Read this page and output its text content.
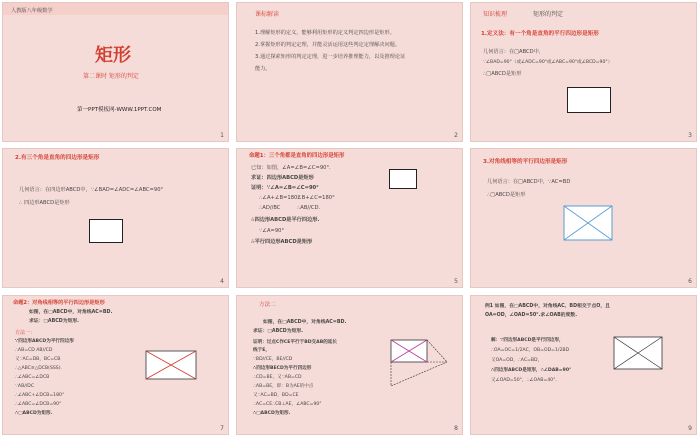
人教版八年级数学
矩形
第二课时 矩形的判定
第一PPT模板网-WWW.1PPT.COM
1
课标解读
1.理解矩形的定义，能够利用矩形的定义判定四边形是矩形。
2.掌握矩形的判定定理，并能灵活运用这些判定定理解决问题。
3.通过探索矩形的判定定理，进一步培养推理能力，以及推理论证
能力。
2
知识梳理	矩形的判定
1.定义法：有一个角是直角的平行四边形是矩形
几何语言：在□ABCD中，
∵∠BAD=90°（或∠ADC=90°或∠ABC=90°或∠BCD=90°）
∴□ABCD是矩形
3
2.有三个角是直角的四边形是矩形
几何语言：在四边形ABCD中，∵∠BAD=∠ADC=∠ABC=90°
∴ 四边形ABCD是矩形
4
命题1：三个角都是直角的四边形是矩形
已知：如图，∠A=∠B=∠C=90°.
求证：四边形ABCD是矩形
证明：∵∠A=∠B=∠C=90°
∴∠A+∠B=180°
∴AD//BC
∠B+∠C=180°
∴AB//CD.
∴四边形ABCD是平行四边形.
∵∠A=90°
∴平行四边形ABCD是矩形
5
3.对角线相等的平行四边形是矩形
几何语言：在□ABCD中，∵AC=BD
∴□ABCD是矩形
6
命题2：对角线相等的平行四边形是矩形
如图，在□ABCD中，对角线AC=BD.
求证：□ABCD为矩形.
方法一：
∵四边形ABCD为平行四边形
∴AB=CD AB//CD
又∵AC=DB，BC=CB
∴△ABC≌△DCB(SSS).
∴∠ABC=∠DCB
∵AB//DC
∴∠ABC+∠DCB=180°
∴∠ABC=∠DCB=90°
∴□ABCD为矩形.
7
方法二
如图，在□ABCD中，对角线AC=BD.
求证：□ABCD为矩形.
证明：过点C作CE平行于BD交AB的延长
线于E，
∵BD//CE，BE//CD
∴四边形BECD为平行四边形
∴CD=BE，又∵AB=CD
∴AB=BE，即：B为AE的中点
又∵AC=BD，BD=CE
∴AC=CE∴CB⊥AE，∠ABC=90°
∴□ABCD为矩形.
8
例1 如图，在□ABCD中，对角线AC、BD相交于点O，且
OA=OD，∠OAD=50°.求∠OAB的度数.
解：∵四边形ABCD是平行四边形，
∴OA=OC=1/2AC，OB=OD=1/2BD
又OA=OD，∴AC=BD，
∴四边形ABCD是矩形，∴∠DAB=90°
又∠OAD=50°，∴∠OAB=40°.
9
